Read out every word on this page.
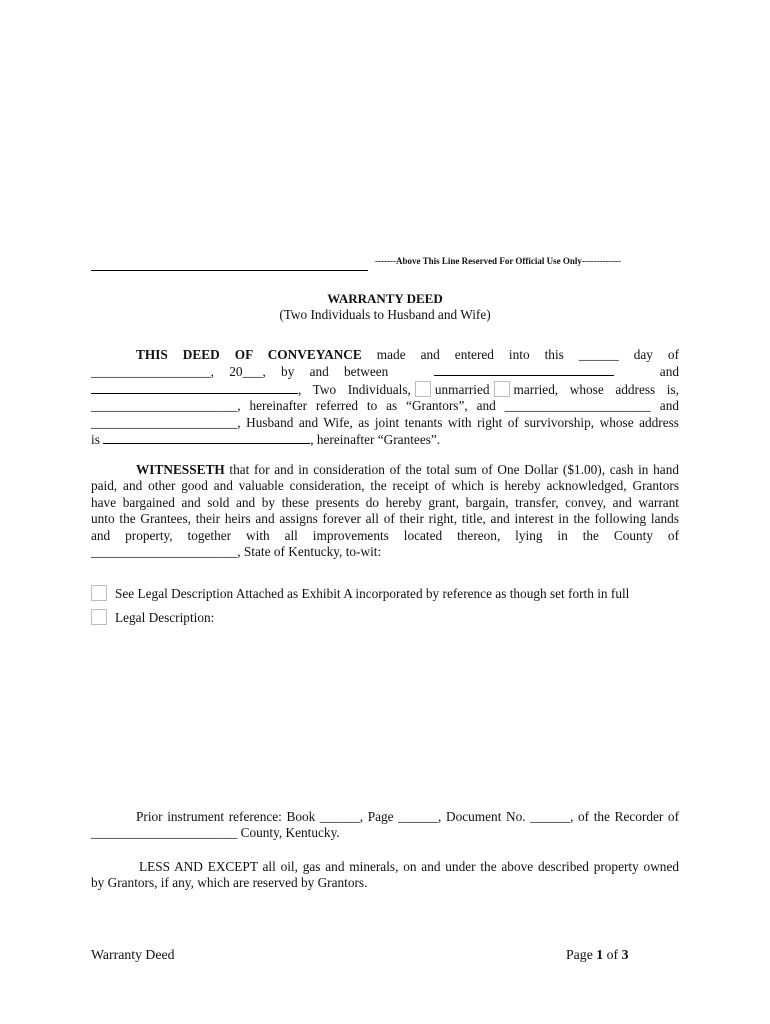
-------Above This Line Reserved For Official Use Only-------------
WARRANTY DEED
(Two Individuals to Husband and Wife)
THIS DEED OF CONVEYANCE made and entered into this ______ day of
__________________, 20___, by and between	and
, Two Individuals, unmarried married, whose address is,
______________________, hereinafter referred to as “Grantors”, and ______________________ and
______________________, Husband and Wife, as joint tenants with right of survivorship, whose address
is	, hereinafter “Grantees”.
WITNESSETH that for and in consideration of the total sum of One Dollar ($1.00), cash in hand
paid, and other good and valuable consideration, the receipt of which is hereby acknowledged, Grantors
have bargained and sold and by these presents do hereby grant, bargain, transfer, convey, and warrant
unto the Grantees, their heirs and assigns forever all of their right, title, and interest in the following lands
and property, together with all improvements located thereon, lying in the County of
______________________, State of Kentucky, to-wit:
See Legal Description Attached as Exhibit A incorporated by reference as though set forth in full
Legal Description:
Prior instrument reference: Book ______, Page ______, Document No. ______, of the Recorder of
______________________ County, Kentucky.
LESS AND EXCEPT all oil, gas and minerals, on and under the above described property owned
by Grantors, if any, which are reserved by Grantors.
Warranty Deed	Page 1 of 3
